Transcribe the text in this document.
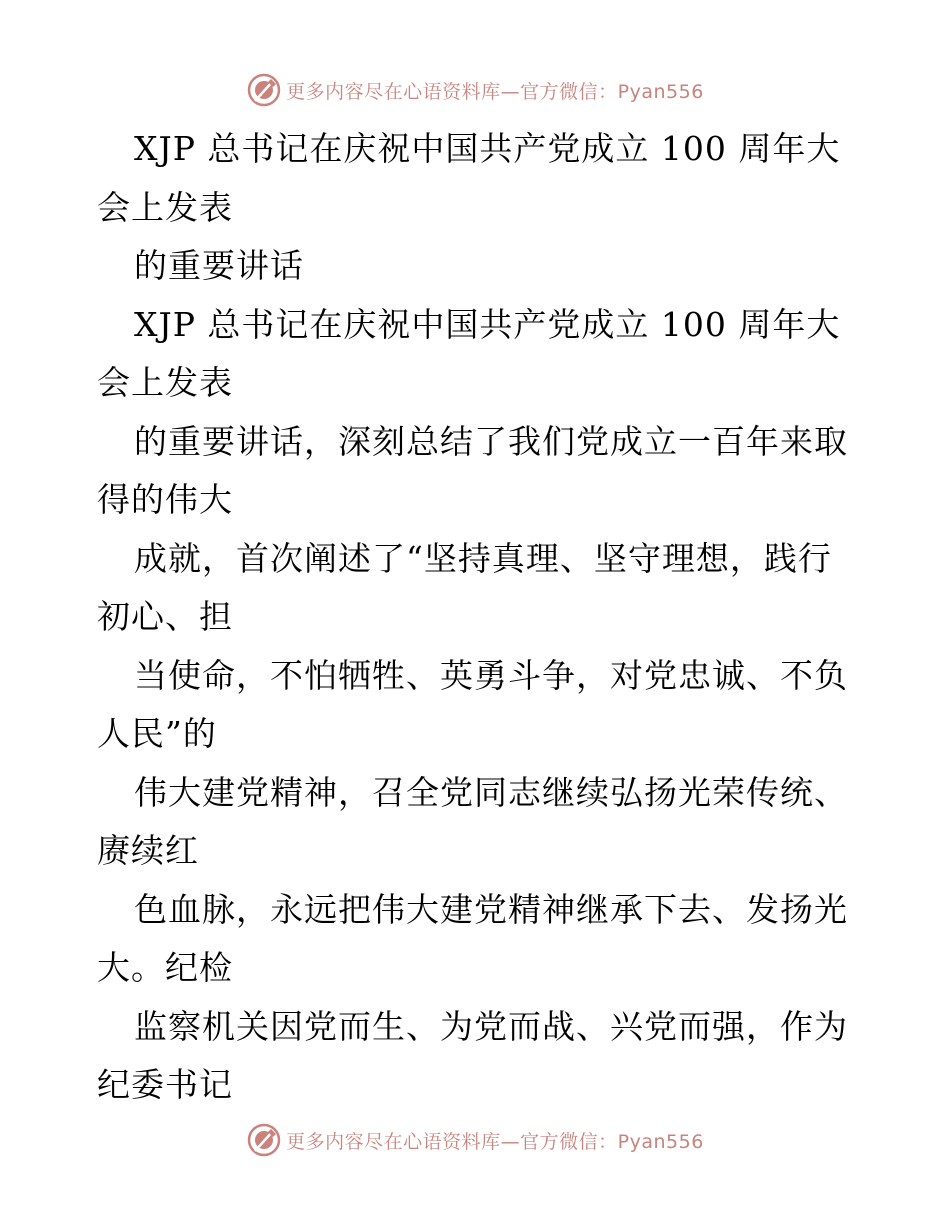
更多内容尽在心语资料库—官方微信：Pyan556
XJP 总书记在庆祝中国共产党成立 100 周年大
会上发表
的重要讲话
XJP 总书记在庆祝中国共产党成立 100 周年大
会上发表
的重要讲话，深刻总结了我们党成立一百年来取
得的伟大
成就，首次阐述了“坚持真理、坚守理想，践行
初心、担
当使命，不怕牺牲、英勇斗争，对党忠诚、不负
人民”的
伟大建党精神，召全党同志继续弘扬光荣传统、
赓续红
色血脉，永远把伟大建党精神继承下去、发扬光
大。纪检
监察机关因党而生、为党而战、兴党而强，作为
纪委书记
更多内容尽在心语资料库—官方微信：Pyan556
